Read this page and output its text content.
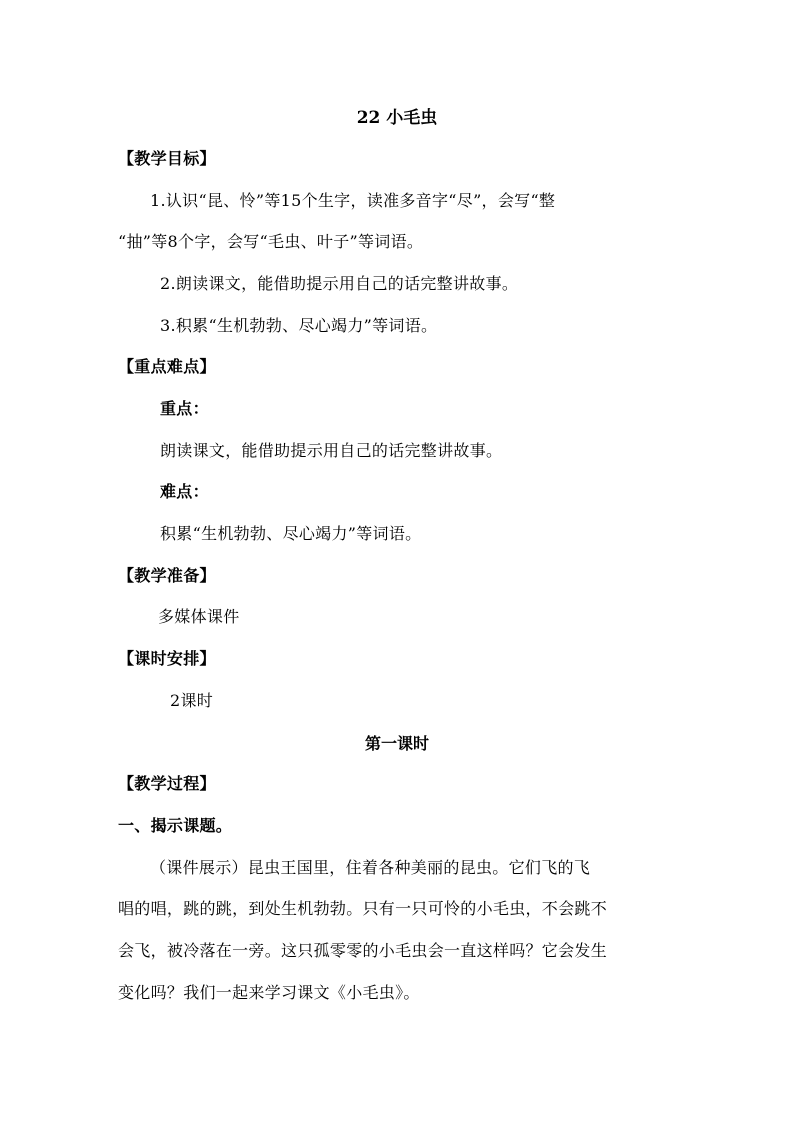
22 小毛虫
【教学目标】
1.认识“昆、怜”等15个生字，读准多音字“尽”，会写“整
“抽”等8个字，会写“毛虫、叶子”等词语。
2.朗读课文，能借助提示用自己的话完整讲故事。
3.积累“生机勃勃、尽心竭力”等词语。
【重点难点】
重点：
朗读课文，能借助提示用自己的话完整讲故事。
难点：
积累“生机勃勃、尽心竭力”等词语。
【教学准备】
多媒体课件
【课时安排】
2课时
第一课时
【教学过程】
一、揭示课题。
（课件展示）昆虫王国里，住着各种美丽的昆虫。它们飞的飞
唱的唱，跳的跳，到处生机勃勃。只有一只可怜的小毛虫，不会跳不
会飞，被冷落在一旁。这只孤零零的小毛虫会一直这样吗？它会发生
变化吗？我们一起来学习课文《小毛虫》。
